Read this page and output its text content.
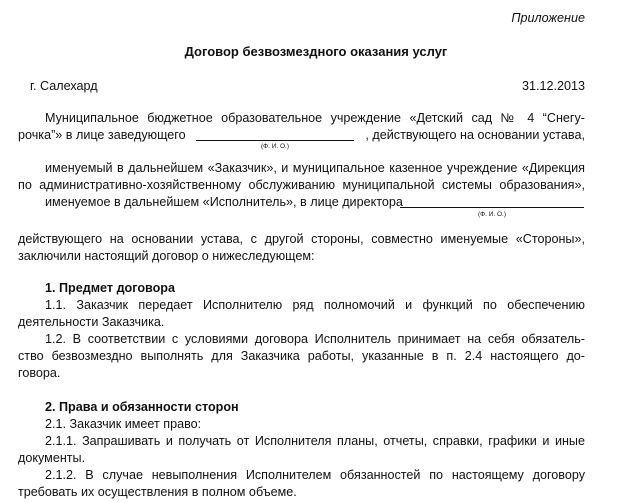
Приложение
Договор безвозмездного оказания услуг
г. Салехард	31.12.2013
Муниципальное бюджетное образовательное учреждение «Детский сад № 4 “Снегу-
рочка”» в лице заведующего
(Ф. И. О.)
, действующего на основании устава,
именуемый в дальнейшем «Заказчик», и муниципальное казенное учреждение «Дирекция
по административно-хозяйственному обслуживанию муниципальной системы образования»,
именуемое в дальнейшем «Исполнитель», в лице директора
(Ф. И. О.)
действующего на основании устава, с другой стороны, совместно именуемые «Стороны»,
заключили настоящий договор о нижеследующем:
1. Предмет договора
1.1. Заказчик передает Исполнителю ряд полномочий и функций по обеспечению
деятельности Заказчика.
1.2. В соответствии с условиями договора Исполнитель принимает на себя обязатель-
ство безвозмездно выполнять для Заказчика работы, указанные в п. 2.4 настоящего до-
говора.
2. Права и обязанности сторон
2.1. Заказчик имеет право:
2.1.1. Запрашивать и получать от Исполнителя планы, отчеты, справки, графики и иные
документы.
2.1.2. В случае невыполнения Исполнителем обязанностей по настоящему договору
требовать их осуществления в полном объеме.
